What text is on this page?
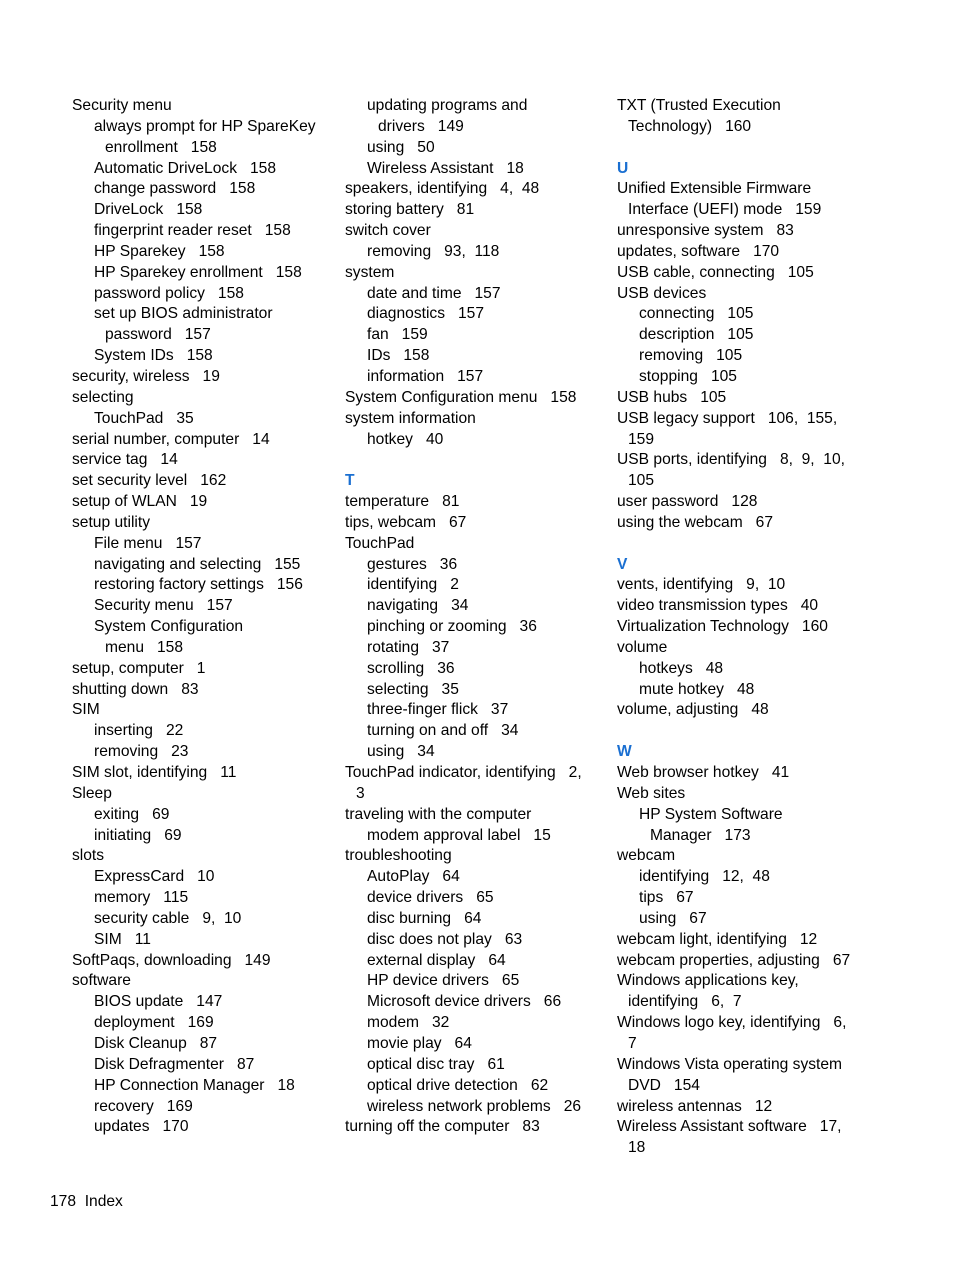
Security menu
always prompt for HP SpareKey
enrollment   158
Automatic DriveLock   158
change password   158
DriveLock   158
fingerprint reader reset   158
HP Sparekey   158
HP Sparekey enrollment   158
password policy   158
set up BIOS administrator
password   157
System IDs   158
security, wireless   19
selecting
TouchPad   35
serial number, computer   14
service tag   14
set security level   162
setup of WLAN   19
setup utility
File menu   157
navigating and selecting   155
restoring factory settings   156
Security menu   157
System Configuration
menu   158
setup, computer   1
shutting down   83
SIM
inserting   22
removing   23
SIM slot, identifying   11
Sleep
exiting   69
initiating   69
slots
ExpressCard   10
memory   115
security cable   9,  10
SIM   11
SoftPaqs, downloading   149
software
BIOS update   147
deployment   169
Disk Cleanup   87
Disk Defragmenter   87
HP Connection Manager   18
recovery   169
updates   170
updating programs and
drivers   149
using   50
Wireless Assistant   18
speakers, identifying   4,  48
storing battery   81
switch cover
removing   93,  118
system
date and time   157
diagnostics   157
fan   159
IDs   158
information   157
System Configuration menu   158
system information
hotkey   40
T
temperature   81
tips, webcam   67
TouchPad
gestures   36
identifying   2
navigating   34
pinching or zooming   36
rotating   37
scrolling   36
selecting   35
three-finger flick   37
turning on and off   34
using   34
TouchPad indicator, identifying   2,
3
traveling with the computer
modem approval label   15
troubleshooting
AutoPlay   64
device drivers   65
disc burning   64
disc does not play   63
external display   64
HP device drivers   65
Microsoft device drivers   66
modem   32
movie play   64
optical disc tray   61
optical drive detection   62
wireless network problems   26
turning off the computer   83
TXT (Trusted Execution
Technology)   160
U
Unified Extensible Firmware
Interface (UEFI) mode   159
unresponsive system   83
updates, software   170
USB cable, connecting   105
USB devices
connecting   105
description   105
removing   105
stopping   105
USB hubs   105
USB legacy support   106,  155,
159
USB ports, identifying   8,  9,  10,
105
user password   128
using the webcam   67
V
vents, identifying   9,  10
video transmission types   40
Virtualization Technology   160
volume
hotkeys   48
mute hotkey   48
volume, adjusting   48
W
Web browser hotkey   41
Web sites
HP System Software
Manager   173
webcam
identifying   12,  48
tips   67
using   67
webcam light, identifying   12
webcam properties, adjusting   67
Windows applications key,
identifying   6,  7
Windows logo key, identifying   6,
7
Windows Vista operating system
DVD   154
wireless antennas   12
Wireless Assistant software   17,
18
178 Index
